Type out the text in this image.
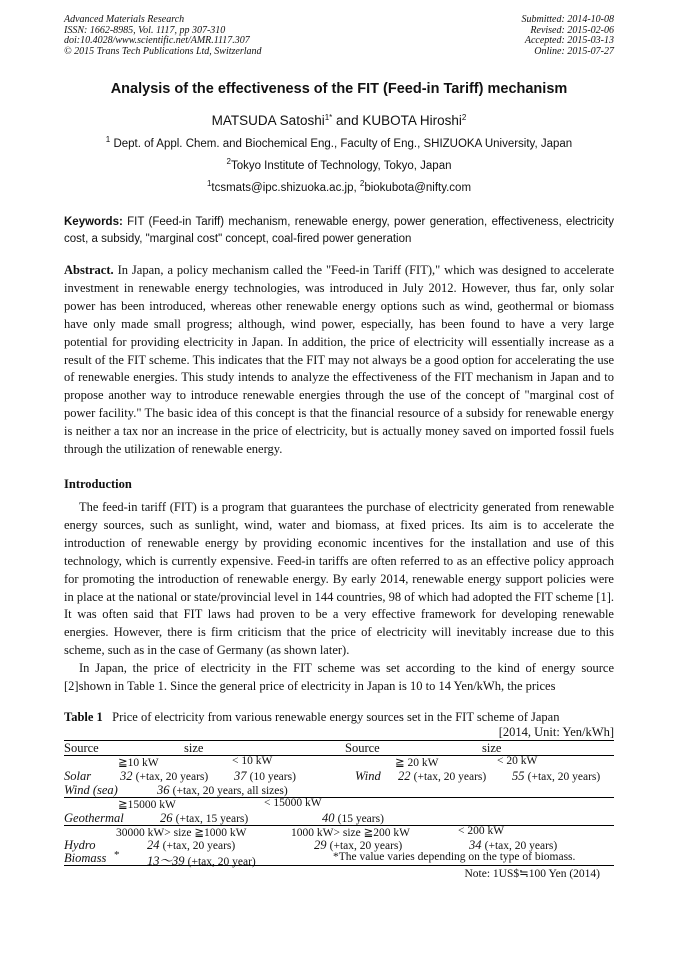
Advanced Materials Research
ISSN: 1662-8985, Vol. 1117, pp 307-310
doi:10.4028/www.scientific.net/AMR.1117.307
© 2015 Trans Tech Publications Ltd, Switzerland
Submitted: 2014-10-08
Revised: 2015-02-06
Accepted: 2015-03-13
Online: 2015-07-27
Analysis of the effectiveness of the FIT (Feed-in Tariff) mechanism
MATSUDA Satoshi$^{1*}$ and KUBOTA Hiroshi$^2$
$^1$ Dept. of Appl. Chem. and Biochemical Eng., Faculty of Eng., SHIZUOKA University, Japan
$^2$Tokyo Institute of Technology, Tokyo, Japan
$^1$tcsmats@ipc.shizuoka.ac.jp, $^2$biokubota@nifty.com
Keywords: FIT (Feed-in Tariff) mechanism, renewable energy, power generation, effectiveness, electricity cost, a subsidy, "marginal cost" concept, coal-fired power generation
Abstract. In Japan, a policy mechanism called the "Feed-in Tariff (FIT)," which was designed to accelerate investment in renewable energy technologies, was introduced in July 2012. However, thus far, only solar power has been introduced, whereas other renewable energy options such as wind, geothermal or biomass have only made small progress; although, wind power, especially, has been found to have a very large potential for providing electricity in Japan. In addition, the price of electricity will essentially increase as a result of the FIT scheme. This indicates that the FIT may not always be a good option for accelerating the use of renewable energies. This study intends to analyze the effectiveness of the FIT mechanism in Japan and to propose another way to introduce renewable energies through the use of the concept of "marginal cost of power facility." The basic idea of this concept is that the financial resource of a subsidy for renewable energy is neither a tax nor an increase in the price of electricity, but is actually money saved on imported fossil fuels through the utilization of renewable energy.
Introduction

The feed-in tariff (FIT) is a program that guarantees the purchase of electricity generated from renewable energy sources, such as sunlight, wind, water and biomass, at fixed prices. Its aim is to accelerate the introduction of renewable energy by providing economic incentives for the installation and use of this technology, which is currently expensive. Feed-in tariffs are often referred to as an effective policy approach for promoting the introduction of renewable energy. By early 2014, renewable energy support policies were in place at the national or state/provincial level in 144 countries, 98 of which had adopted the FIT scheme [1]. It was often said that FIT laws had proven to be a very effective framework for developing renewable energies. However, there is firm criticism that the price of electricity will inevitably increase due to this scheme, such as in the case of Germany (as shown later).

In Japan, the price of electricity in the FIT scheme was set according to the kind of energy source [2]shown in Table 1. Since the general price of electricity in Japan is 10 to 14 Yen/kWh, the prices

Table 1 Price of electricity from various renewable energy sources set in the FIT scheme of Japan
[2014, Unit: Yen/kWh]
Source	size	Source	size
≧10 kW	< 10 kW	≧ 20 kW	< 20 kW
Solar 32 (+tax, 20 years) 37 (10 years)	Wind 22 (+tax, 20 years) 55 (+tax, 20 years)
Wind (sea)	36 (+tax, 20 years, all sizes)
≧15000 kW	< 15000 kW
Geothermal	26 (+tax, 15 years)	40 (15 years)
30000 kW> size ≧1000 kW	1000 kW> size ≧200 kW	< 200 kW
Hydro	24 (+tax, 20 years)	29 (+tax, 20 years)	34 (+tax, 20 years)
Biomass * 13〜39 (+tax, 20 year)	*The value varies depending on the type of biomass.
Note: 1US$≒100 Yen (2014)
